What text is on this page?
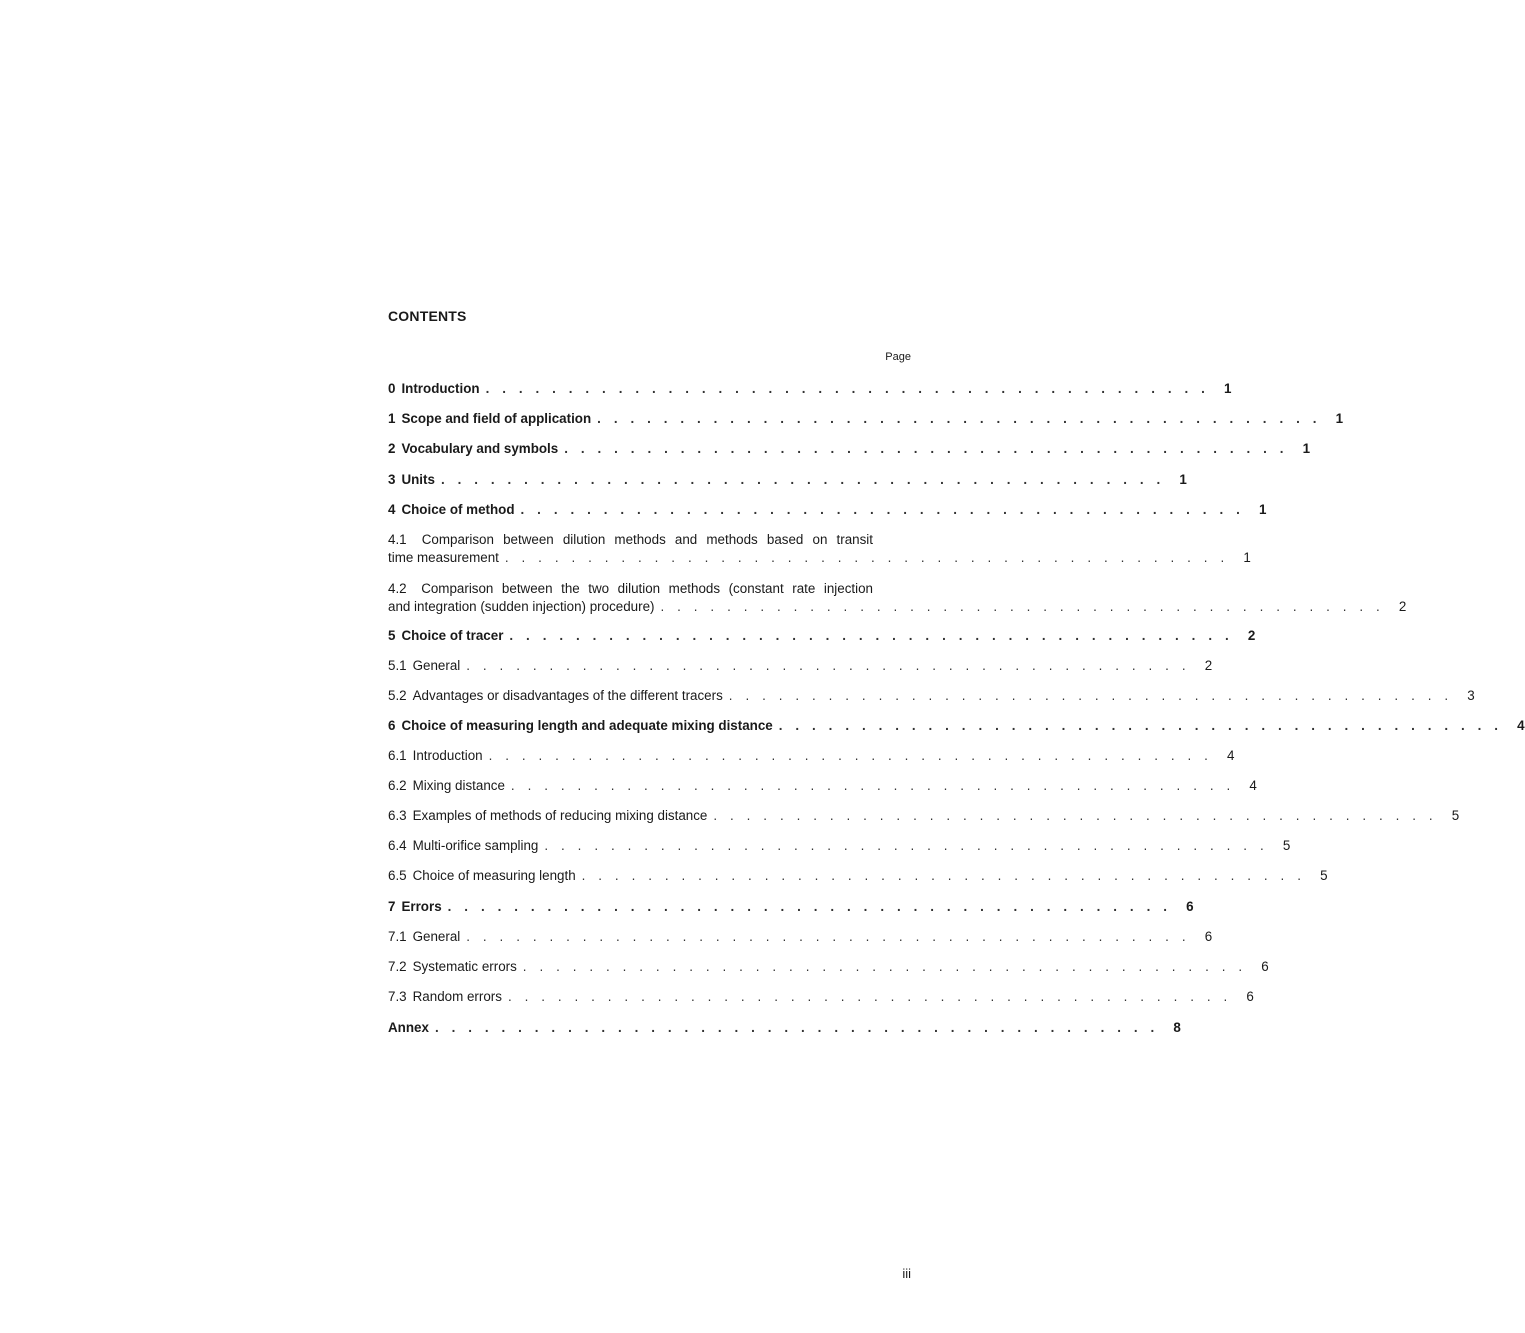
CONTENTS
Page
0 Introduction . . . . . . . . . . . . . . . . . . . . . . . . . . . . . . . . . . . . . . . . . . . .	1
1 Scope and field of application . . . . . . . . . . . . . . . . . . . . . . . . . . . . . . . . . . . . . . . . . . . .	1
2 Vocabulary and symbols . . . . . . . . . . . . . . . . . . . . . . . . . . . . . . . . . . . . . . . . . . . .	1
3 Units . . . . . . . . . . . . . . . . . . . . . . . . . . . . . . . . . . . . . . . . . . . .	1
4 Choice of method . . . . . . . . . . . . . . . . . . . . . . . . . . . . . . . . . . . . . . . . . . . .	1
4.1 Comparison between dilution methods and methods based on transit
time measurement . . . . . . . . . . . . . . . . . . . . . . . . . . . . . . . . . . . . . . . . . . . .	1
4.2 Comparison between the two dilution methods (constant rate injection
and integration (sudden injection) procedure) . . . . . . . . . . . . . . . . . . . . . . . . . . . . . . . . . . . . . . . . . . . .	2
5 Choice of tracer . . . . . . . . . . . . . . . . . . . . . . . . . . . . . . . . . . . . . . . . . . . .	2
5.1 General . . . . . . . . . . . . . . . . . . . . . . . . . . . . . . . . . . . . . . . . . . . .	2
5.2 Advantages or disadvantages of the different tracers . . . . . . . . . . . . . . . . . . . . . . . . . . . . . . . . . . . . . . . . . . . .	3
6 Choice of measuring length and adequate mixing distance . . . . . . . . . . . . . . . . . . . . . . . . . . . . . . . . . . . . . . . . . . . .	4
6.1 Introduction . . . . . . . . . . . . . . . . . . . . . . . . . . . . . . . . . . . . . . . . . . . .	4
6.2 Mixing distance . . . . . . . . . . . . . . . . . . . . . . . . . . . . . . . . . . . . . . . . . . . .	4
6.3 Examples of methods of reducing mixing distance . . . . . . . . . . . . . . . . . . . . . . . . . . . . . . . . . . . . . . . . . . . .	5
6.4 Multi-orifice sampling . . . . . . . . . . . . . . . . . . . . . . . . . . . . . . . . . . . . . . . . . . . .	5
6.5 Choice of measuring length . . . . . . . . . . . . . . . . . . . . . . . . . . . . . . . . . . . . . . . . . . . .	5
7 Errors . . . . . . . . . . . . . . . . . . . . . . . . . . . . . . . . . . . . . . . . . . . .	6
7.1 General . . . . . . . . . . . . . . . . . . . . . . . . . . . . . . . . . . . . . . . . . . . .	6
7.2 Systematic errors . . . . . . . . . . . . . . . . . . . . . . . . . . . . . . . . . . . . . . . . . . . .	6
7.3 Random errors . . . . . . . . . . . . . . . . . . . . . . . . . . . . . . . . . . . . . . . . . . . .	6
Annex . . . . . . . . . . . . . . . . . . . . . . . . . . . . . . . . . . . . . . . . . . . .	8
iii
